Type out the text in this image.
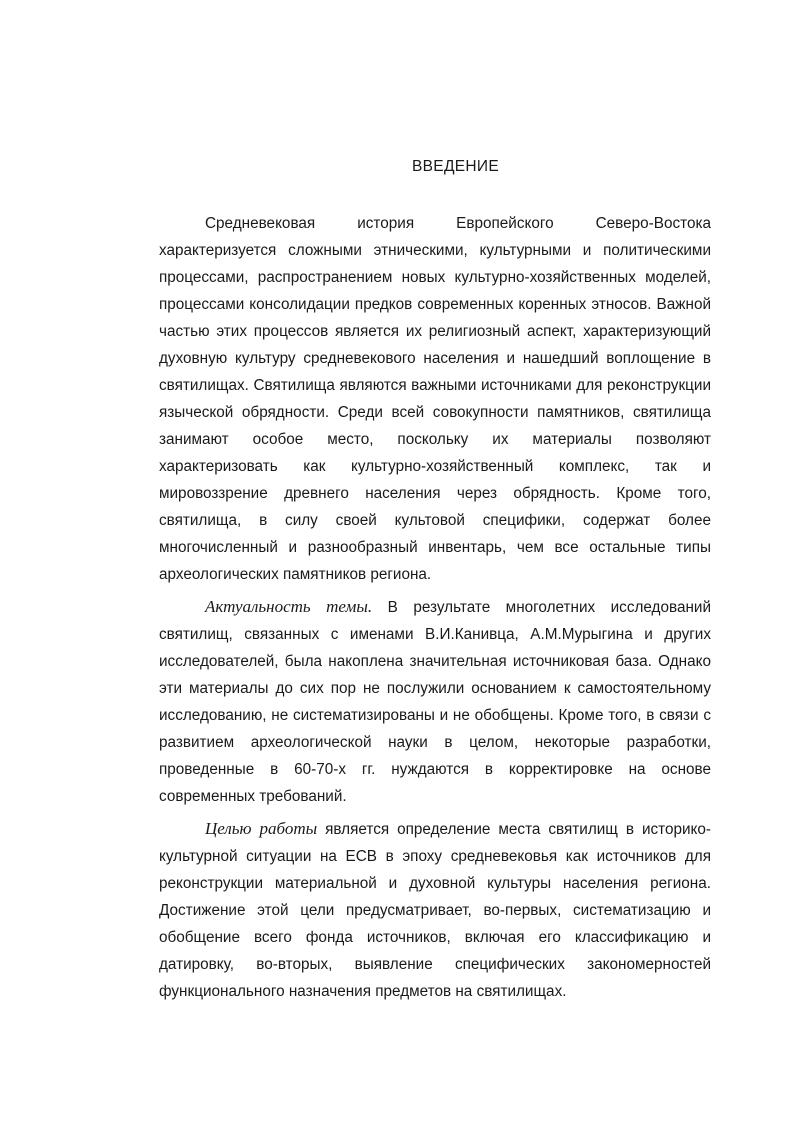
ВВЕДЕНИЕ

Средневековая история Европейского Северо-Востока характеризуется сложными этническими, культурными и политическими процессами, распространением новых культурно-хозяйственных моделей, процессами консолидации предков современных коренных этносов. Важной частью этих процессов является их религиозный аспект, характеризующий духовную культуру средневекового населения и нашедший воплощение в святилищах. Святилища являются важными источниками для реконструкции языческой обрядности. Среди всей совокупности памятников, святилища занимают особое место, поскольку их материалы позволяют характеризовать как культурно-хозяйственный комплекс, так и мировоззрение древнего населения через обрядность. Кроме того, святилища, в силу своей культовой специфики, содержат более многочисленный и разнообразный инвентарь, чем все остальные типы археологических памятников региона.

Актуальность темы. В результате многолетних исследований святилищ, связанных с именами В.И.Канивца, А.М.Мурыгина и других исследователей, была накоплена значительная источниковая база. Однако эти материалы до сих пор не послужили основанием к самостоятельному исследованию, не систематизированы и не обобщены. Кроме того, в связи с развитием археологической науки в целом, некоторые разработки, проведенные в 60-70-х гг. нуждаются в корректировке на основе современных требований.

Целью работы является определение места святилищ в историко-культурной ситуации на ЕСВ в эпоху средневековья как источников для реконструкции материальной и духовной культуры населения региона. Достижение этой цели предусматривает, во-первых, систематизацию и обобщение всего фонда источников, включая его классификацию и датировку, во-вторых, выявление специфических закономерностей функционального назначения предметов на святилищах.
